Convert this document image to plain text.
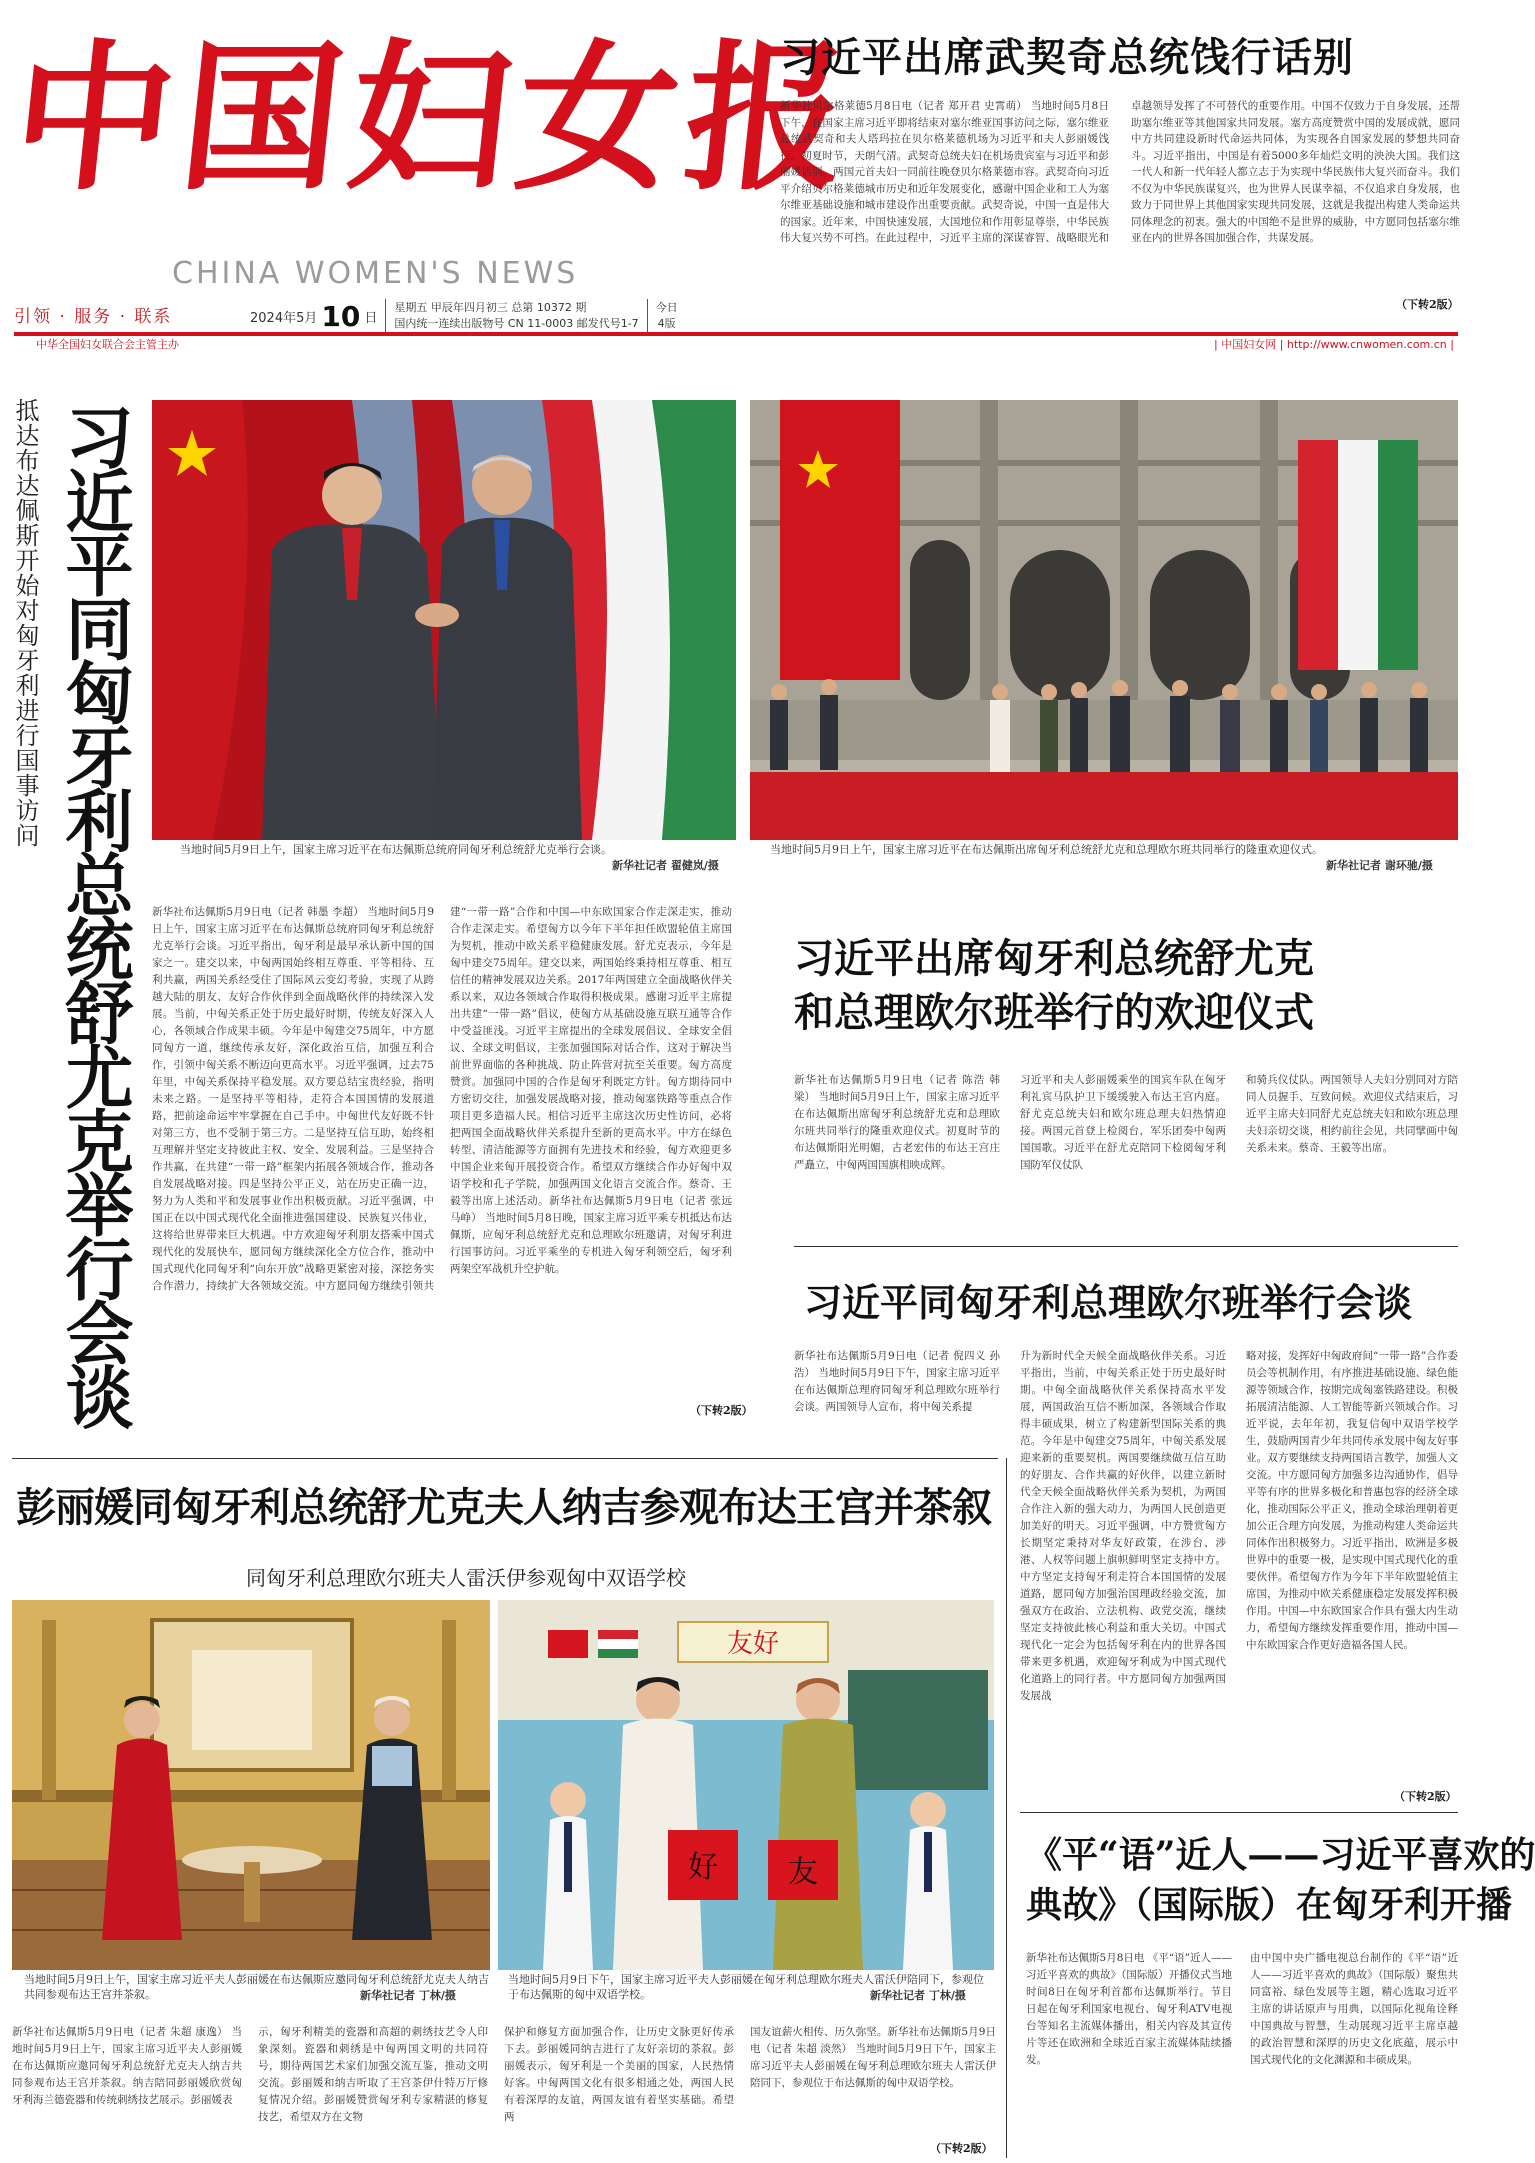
中国妇女报
CHINA WOMEN'S NEWS
引领 · 服务 · 联系	2024年5月 10 日
星期五 甲辰年四月初三 总第 10372 期
国内统一连续出版物号 CN 11-0003 邮发代号1-7
今日
4版
中华全国妇女联合会主管主办	| 中国妇女网 | http://www.cnwomen.com.cn |
习近平出席武契奇总统饯行话别
新华社贝尔格莱德5月8日电（记者 郑开君 史霄萌） 当地时间5月8日下午，在国家主席习近平即将结束对塞尔维亚国事访问之际，塞尔维亚总统武契奇和夫人塔玛拉在贝尔格莱德机场为习近平和夫人彭丽媛饯行。初夏时节，天朗气清。武契奇总统夫妇在机场贵宾室与习近平和彭丽媛话别。两国元首夫妇一同前往晚登贝尔格莱德市容。武契奇向习近平介绍贝尔格莱德城市历史和近年发展变化，感谢中国企业和工人为塞尔维亚基础设施和城市建设作出重要贡献。武契奇说，中国一直是伟大的国家。近年来，中国快速发展，大国地位和作用彰显尊崇，中华民族伟大复兴势不可挡。在此过程中，习近平主席的深谋睿智、战略眼光和卓越领导发挥了不可替代的重要作用。中国不仅致力于自身发展，还帮助塞尔维亚等其他国家共同发展。塞方高度赞赏中国的发展成就，愿同中方共同建设新时代命运共同体，为实现各自国家发展的梦想共同奋斗。习近平指出，中国是有着5000多年灿烂文明的泱泱大国。我们这一代人和新一代年轻人都立志于为实现中华民族伟大复兴而奋斗。我们不仅为中华民族谋复兴，也为世界人民谋幸福，不仅追求自身发展，也致力于同世界上其他国家实现共同发展，这就是我提出构建人类命运共同体理念的初衷。强大的中国绝不是世界的威胁，中方愿同包括塞尔维亚在内的世界各国加强合作，共谋发展。
（下转2版）
抵达布达佩斯开始对匈牙利进行国事访问 习近平同匈牙利总统舒尤克举行会谈	当地时间5月9日上午，国家主席习近平在布达佩斯总统府同匈牙利总统舒尤克举行会谈。
新华社记者 翟健岚/摄
当地时间5月9日上午，国家主席习近平在布达佩斯出席匈牙利总统舒尤克和总理欧尔班共同举行的隆重欢迎仪式。
新华社记者 谢环驰/摄
新华社布达佩斯5月9日电（记者 韩墨 李超） 当地时间5月9日上午，国家主席习近平在布达佩斯总统府同匈牙利总统舒尤克举行会谈。习近平指出，匈牙利是最早承认新中国的国家之一。建交以来，中匈两国始终相互尊重、平等相待、互利共赢，两国关系经受住了国际风云变幻考验，实现了从跨越大陆的朋友、友好合作伙伴到全面战略伙伴的持续深入发展。当前，中匈关系正处于历史最好时期，传统友好深入人心，各领域合作成果丰硕。今年是中匈建交75周年，中方愿同匈方一道，继续传承友好，深化政治互信，加强互利合作，引领中匈关系不断迈向更高水平。习近平强调，过去75年里，中匈关系保持平稳发展。双方要总结宝贵经验，指明未来之路。一是坚持平等相待，走符合本国国情的发展道路，把前途命运牢牢掌握在自己手中。中匈世代友好既不针对第三方，也不受制于第三方。二是坚持互信互助，始终相互理解并坚定支持彼此主权、安全、发展利益。三是坚持合作共赢，在共建“一带一路”框架内拓展各领域合作，推动各自发展战略对接。四是坚持公平正义，站在历史正确一边，努力为人类和平和发展事业作出积极贡献。习近平强调，中国正在以中国式现代化全面推进强国建设、民族复兴伟业，这将给世界带来巨大机遇。中方欢迎匈牙利朋友搭乘中国式现代化的发展快车，愿同匈方继续深化全方位合作，推动中国式现代化同匈牙利“向东开放”战略更紧密对接，深挖务实合作潜力，持续扩大各领域交流。中方愿同匈方继续引领共建“一带一路”合作和中国—中东欧国家合作走深走实，推动合作走深走实。希望匈方以今年下半年担任欧盟轮值主席国为契机，推动中欧关系平稳健康发展。舒尤克表示，今年是匈中建交75周年。建交以来，两国始终秉持相互尊重、相互信任的精神发展双边关系。2017年两国建立全面战略伙伴关系以来，双边各领域合作取得积极成果。感谢习近平主席提出共建“一带一路”倡议，使匈方从基础设施互联互通等合作中受益匪浅。习近平主席提出的全球发展倡议、全球安全倡议、全球文明倡议，主张加强国际对话合作，这对于解决当前世界面临的各种挑战、防止阵营对抗至关重要。匈方高度赞赏。加强同中国的合作是匈牙利既定方针。匈方期待同中方密切交往，加强发展战略对接，推动匈塞铁路等重点合作项目更多造福人民。相信习近平主席这次历史性访问，必将把两国全面战略伙伴关系提升至新的更高水平。中方在绿色转型、清洁能源等方面拥有先进技术和经验，匈方欢迎更多中国企业来匈开展投资合作。希望双方继续合作办好匈中双语学校和孔子学院，加强两国文化语言交流合作。蔡奇、王毅等出席上述活动。新华社布达佩斯5月9日电（记者 张远 马峥） 当地时间5月8日晚，国家主席习近平乘专机抵达布达佩斯，应匈牙利总统舒尤克和总理欧尔班邀请，对匈牙利进行国事访问。习近平乘坐的专机进入匈牙利领空后，匈牙利两架空军战机升空护航。
（下转2版）
习近平出席匈牙利总统舒尤克
和总理欧尔班举行的欢迎仪式
新华社布达佩斯5月9日电（记者 陈浩 韩梁） 当地时间5月9日上午，国家主席习近平在布达佩斯出席匈牙利总统舒尤克和总理欧尔班共同举行的隆重欢迎仪式。初夏时节的布达佩斯阳光明媚，古老宏伟的布达王宫庄严矗立，中匈两国国旗相映成辉。
习近平和夫人彭丽媛乘坐的国宾车队在匈牙利礼宾马队护卫下缓缓驶入布达王宫内庭。舒尤克总统夫妇和欧尔班总理夫妇热情迎接。两国元首登上检阅台，军乐团奏中匈两国国歌。习近平在舒尤克陪同下检阅匈牙利国防军仪仗队
和骑兵仪仗队。两国领导人夫妇分别同对方陪同人员握手、互致问候。欢迎仪式结束后，习近平主席夫妇同舒尤克总统夫妇和欧尔班总理夫妇亲切交谈，相约前往会见，共同擘画中匈关系未来。蔡奇、王毅等出席。
习近平同匈牙利总理欧尔班举行会谈
新华社布达佩斯5月9日电（记者 倪四义 孙浩） 当地时间5月9日下午，国家主席习近平在布达佩斯总理府同匈牙利总理欧尔班举行会谈。两国领导人宣布，将中匈关系提
升为新时代全天候全面战略伙伴关系。习近平指出，当前，中匈关系正处于历史最好时期。中匈全面战略伙伴关系保持高水平发展，两国政治互信不断加深，各领域合作取得丰硕成果，树立了构建新型国际关系的典范。今年是中匈建交75周年，中匈关系发展迎来新的重要契机。两国要继续做互信互助的好朋友、合作共赢的好伙伴，以建立新时代全天候全面战略伙伴关系为契机，为两国合作注入新的强大动力，为两国人民创造更加美好的明天。习近平强调，中方赞赏匈方长期坚定秉持对华友好政策，在涉台、涉港、人权等问题上旗帜鲜明坚定支持中方。中方坚定支持匈牙利走符合本国国情的发展道路，愿同匈方加强治国理政经验交流，加强双方在政治、立法机构、政党交流，继续坚定支持彼此核心利益和重大关切。中国式现代化一定会为包括匈牙利在内的世界各国带来更多机遇，欢迎匈牙利成为中国式现代化道路上的同行者。中方愿同匈方加强两国发展战
略对接，发挥好中匈政府间“一带一路”合作委员会等机制作用，有序推进基础设施、绿色能源等领域合作，按期完成匈塞铁路建设。积极拓展清洁能源、人工智能等新兴领域合作。习近平说，去年年初，我复信匈中双语学校学生，鼓励两国青少年共同传承发展中匈友好事业。双方要继续支持两国语言教学，加强人文交流。中方愿同匈方加强多边沟通协作，倡导平等有序的世界多极化和普惠包容的经济全球化，推动国际公平正义，推动全球治理朝着更加公正合理方向发展，为推动构建人类命运共同体作出积极努力。习近平指出，欧洲是多极世界中的重要一极，是实现中国式现代化的重要伙伴。希望匈方作为今年下半年欧盟轮值主席国，为推动中欧关系健康稳定发展发挥积极作用。中国—中东欧国家合作具有强大内生动力，希望匈方继续发挥重要作用，推动中国—中东欧国家合作更好造福各国人民。
（下转2版）
《平“语”近人——习近平喜欢的
典故》（国际版）在匈牙利开播
新华社布达佩斯5月8日电 《平“语”近人——习近平喜欢的典故》（国际版）开播仪式当地时间8日在匈牙利首都布达佩斯举行。节目日起在匈牙利国家电视台、匈牙利ATV电视台等知名主流媒体播出，相关内容及其宣传片等还在欧洲和全球近百家主流媒体陆续播发。
由中国中央广播电视总台制作的《平“语”近人——习近平喜欢的典故》（国际版）聚焦共同富裕、绿色发展等主题，精心选取习近平主席的讲话原声与用典，以国际化视角诠释中国典故与智慧，生动展现习近平主席卓越的政治智慧和深厚的历史文化底蕴，展示中国式现代化的文化渊源和丰硕成果。
彭丽媛同匈牙利总统舒尤克夫人纳吉参观布达王宫并茶叙
同匈牙利总理欧尔班夫人雷沃伊参观匈中双语学校
当地时间5月9日上午，国家主席习近平夫人彭丽媛在布达佩斯应邀同匈牙利总统舒尤克夫人纳吉共同参观布达王宫并茶叙。	新华社记者 丁林/摄
友好
好 友
当地时间5月9日下午，国家主席习近平夫人彭丽媛在匈牙利总理欧尔班夫人雷沃伊陪同下，参观位于布达佩斯的匈中双语学校。	新华社记者 丁林/摄
新华社布达佩斯5月9日电（记者 朱超 康逸） 当地时间5月9日上午，国家主席习近平夫人彭丽媛在布达佩斯应邀同匈牙利总统舒尤克夫人纳吉共同参观布达王宫并茶叙。纳吉陪同彭丽媛欣赏匈牙利海兰德瓷器和传统刺绣技艺展示。彭丽媛表
示，匈牙利精美的瓷器和高超的刺绣技艺令人印象深刻。瓷器和刺绣是中匈两国文明的共同符号，期待两国艺术家们加强交流互鉴，推动文明交流。彭丽媛和纳吉听取了王宫茶伊什特万厅修复情况介绍。彭丽媛赞赏匈牙利专家精湛的修复技艺，希望双方在文物
保护和修复方面加强合作，让历史文脉更好传承下去。彭丽媛同纳吉进行了友好亲切的茶叙。彭丽媛表示，匈牙利是一个美丽的国家，人民热情好客。中匈两国文化有很多相通之处，两国人民有着深厚的友谊，两国友谊有着坚实基础。希望两
国友谊薪火相传、历久弥坚。新华社布达佩斯5月9日电（记者 朱超 淡然） 当地时间5月9日下午，国家主席习近平夫人彭丽媛在匈牙利总理欧尔班夫人雷沃伊陪同下，参观位于布达佩斯的匈中双语学校。
（下转2版）
